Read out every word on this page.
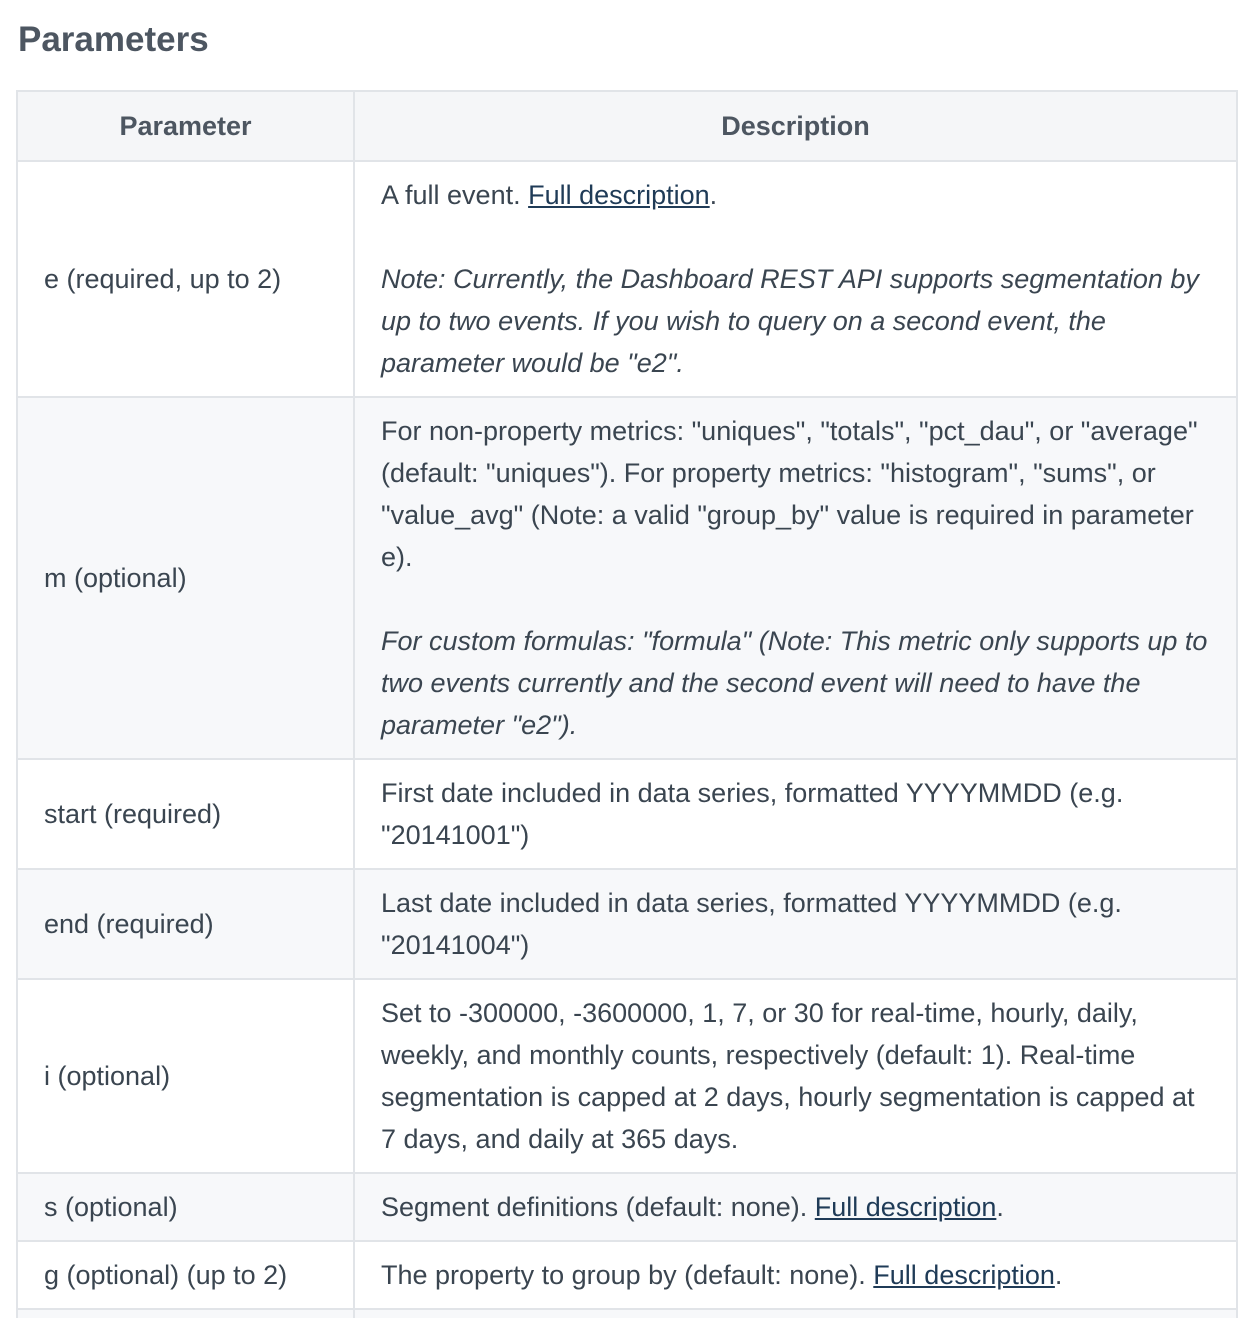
Parameters
Parameter	Description
e (required, up to 2)	A full event. Full description.
Note: Currently, the Dashboard REST API supports segmentation by up to two events. If you wish to query on a second event, the parameter would be "e2".

m (optional)	For non-property metrics: "uniques", "totals", "pct_dau", or "average" (default: "uniques"). For property metrics: "histogram", "sums", or "value_avg" (Note: a valid "group_by" value is required in parameter e).
For custom formulas: "formula" (Note: This metric only supports up to two events currently and the second event will need to have the parameter "e2").

start (required)	First date included in data series, formatted YYYYMMDD (e.g. "20141001")
end (required)	Last date included in data series, formatted YYYYMMDD (e.g. "20141004")
i (optional)	Set to -300000, -3600000, 1, 7, or 30 for real-time, hourly, daily, weekly, and monthly counts, respectively (default: 1). Real-time segmentation is capped at 2 days, hourly segmentation is capped at 7 days, and daily at 365 days.
s (optional)	Segment definitions (default: none). Full description.
g (optional) (up to 2)	The property to group by (default: none). Full description.
